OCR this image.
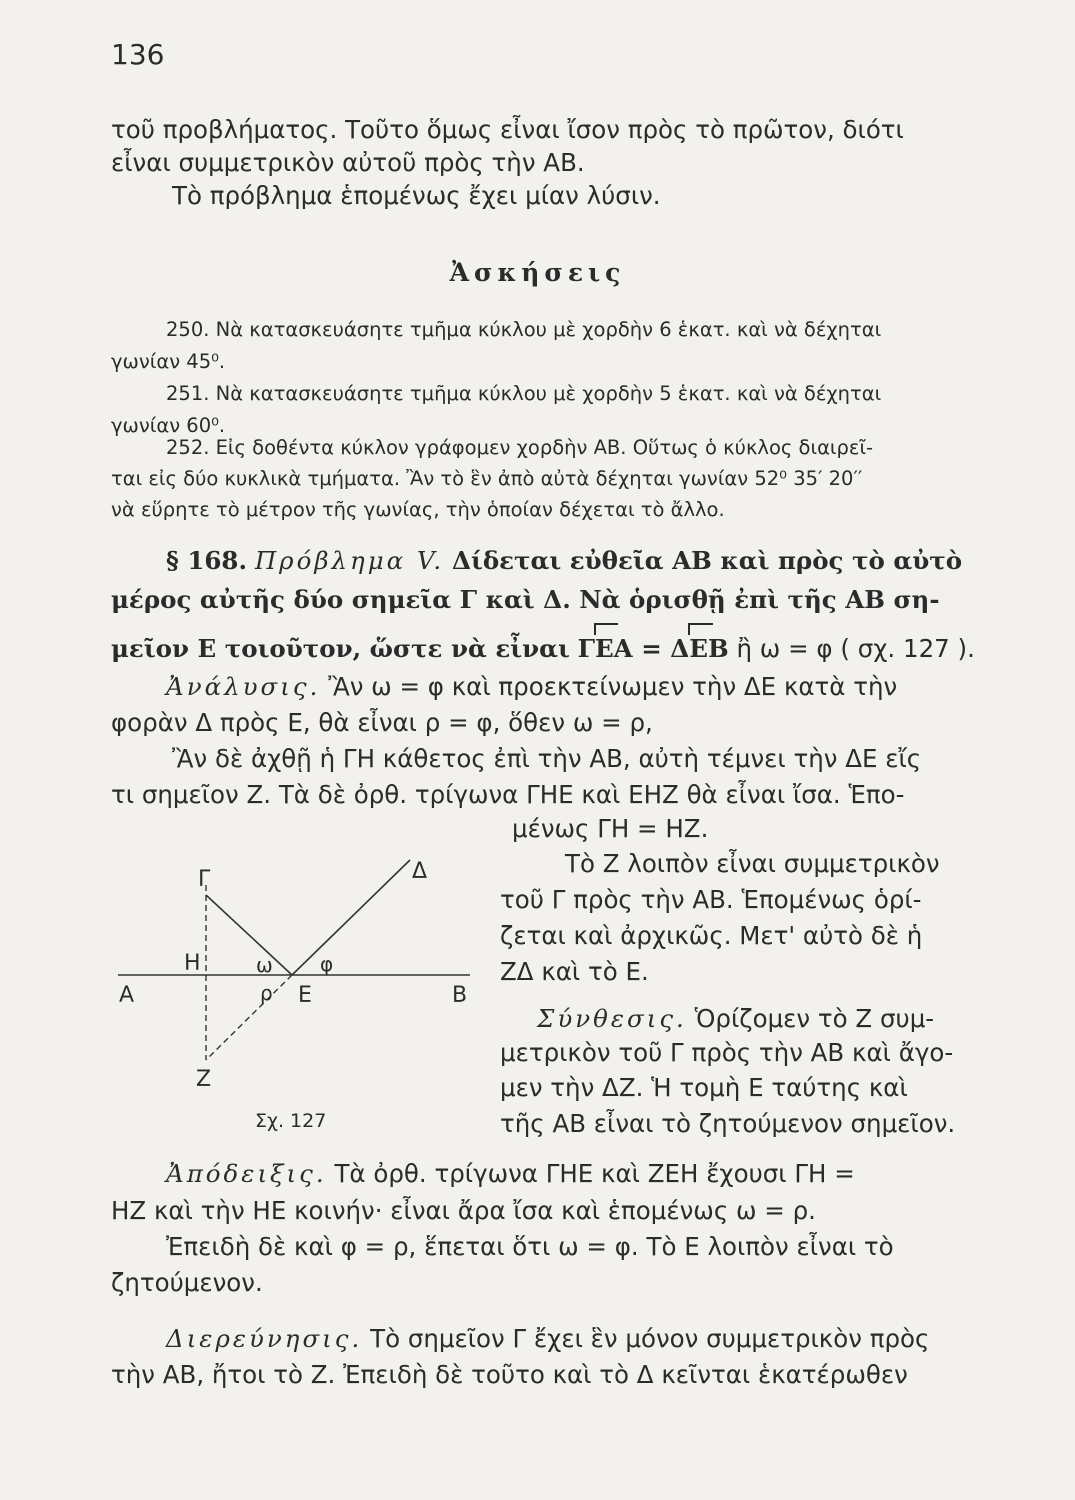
136
τοῦ προβλήματος. Τοῦτο ὅμως εἶναι ἴσον πρὸς τὸ πρῶτον, διότι
εἶναι συμμετρικὸν αὐτοῦ πρὸς τὴν ΑΒ.
Τὸ πρόβλημα ἑπομένως ἔχει μίαν λύσιν.
Ἀσκήσεις
250. Νὰ κατασκευάσητε τμῆμα κύκλου μὲ χορδὴν 6 ἑκατ. καὶ νὰ δέχηται
γωνίαν 45⁰.
251. Νὰ κατασκευάσητε τμῆμα κύκλου μὲ χορδὴν 5 ἑκατ. καὶ νὰ δέχηται
γωνίαν 60⁰.
252. Εἰς δοθέντα κύκλον γράφομεν χορδὴν ΑΒ. Οὕτως ὁ κύκλος διαιρεῖ-
ται εἰς δύο κυκλικὰ τμήματα. Ἂν τὸ ἓν ἀπὸ αὐτὰ δέχηται γωνίαν 52⁰ 35′ 20′′
νὰ εὕρητε τὸ μέτρον τῆς γωνίας, τὴν ὁποίαν δέχεται τὸ ἄλλο.
§ 168. Πρόβλημα V. Δίδεται εὐθεῖα ΑΒ καὶ πρὸς τὸ αὐτὸ
μέρος αὐτῆς δύο σημεῖα Γ καὶ Δ. Νὰ ὁρισθῇ ἐπὶ τῆς ΑΒ ση-
μεῖον Ε τοιοῦτον, ὥστε νὰ εἶναι ΓΕΑ = ΔΕΒ ἢ ω = φ ( σχ. 127 ).
Ἀνάλυσις. Ἂν ω = φ καὶ προεκτείνωμεν τὴν ΔΕ κατὰ τὴν
φορὰν Δ πρὸς Ε, θὰ εἶναι ρ = φ, ὅθεν ω = ρ,
Ἂν δὲ ἀχθῇ ἡ ΓΗ κάθετος ἐπὶ τὴν ΑΒ, αὐτὴ τέμνει τὴν ΔΕ εἴς
τι σημεῖον Ζ. Τὰ δὲ ὀρθ. τρίγωνα ΓΗΕ καὶ ΕΗΖ θὰ εἶναι ἴσα. Ἑπο-
μένως ΓΗ = ΗΖ.
Τὸ Ζ λοιπὸν εἶναι συμμετρικὸν
τοῦ Γ πρὸς τὴν ΑΒ. Ἑπομένως ὁρί-
ζεται καὶ ἀρχικῶς. Μετ' αὐτὸ δὲ ἡ
ΖΔ καὶ τὸ Ε.
Σύνθεσις. Ὁρίζομεν τὸ Ζ συμ-
μετρικὸν τοῦ Γ πρὸς τὴν ΑΒ καὶ ἄγο-
μεν τὴν ΔΖ. Ἡ τομὴ Ε ταύτης καὶ
τῆς ΑΒ εἶναι τὸ ζητούμενον σημεῖον.
Γ	Δ
Η
Α	Β
Ε
Ζ
ω φ
ρ
Σχ. 127
Ἀπόδειξις. Τὰ ὀρθ. τρίγωνα ΓΗΕ καὶ ΖΕΗ ἔχουσι ΓΗ =
ΗΖ καὶ τὴν ΗΕ κοινήν· εἶναι ἄρα ἴσα καὶ ἑπομένως ω = ρ.
Ἐπειδὴ δὲ καὶ φ = ρ, ἕπεται ὅτι ω = φ. Τὸ Ε λοιπὸν εἶναι τὸ
ζητούμενον.
Διερεύνησις. Τὸ σημεῖον Γ ἔχει ἓν μόνον συμμετρικὸν πρὸς
τὴν ΑΒ, ἤτοι τὸ Ζ. Ἐπειδὴ δὲ τοῦτο καὶ τὸ Δ κεῖνται ἑκατέρωθεν
